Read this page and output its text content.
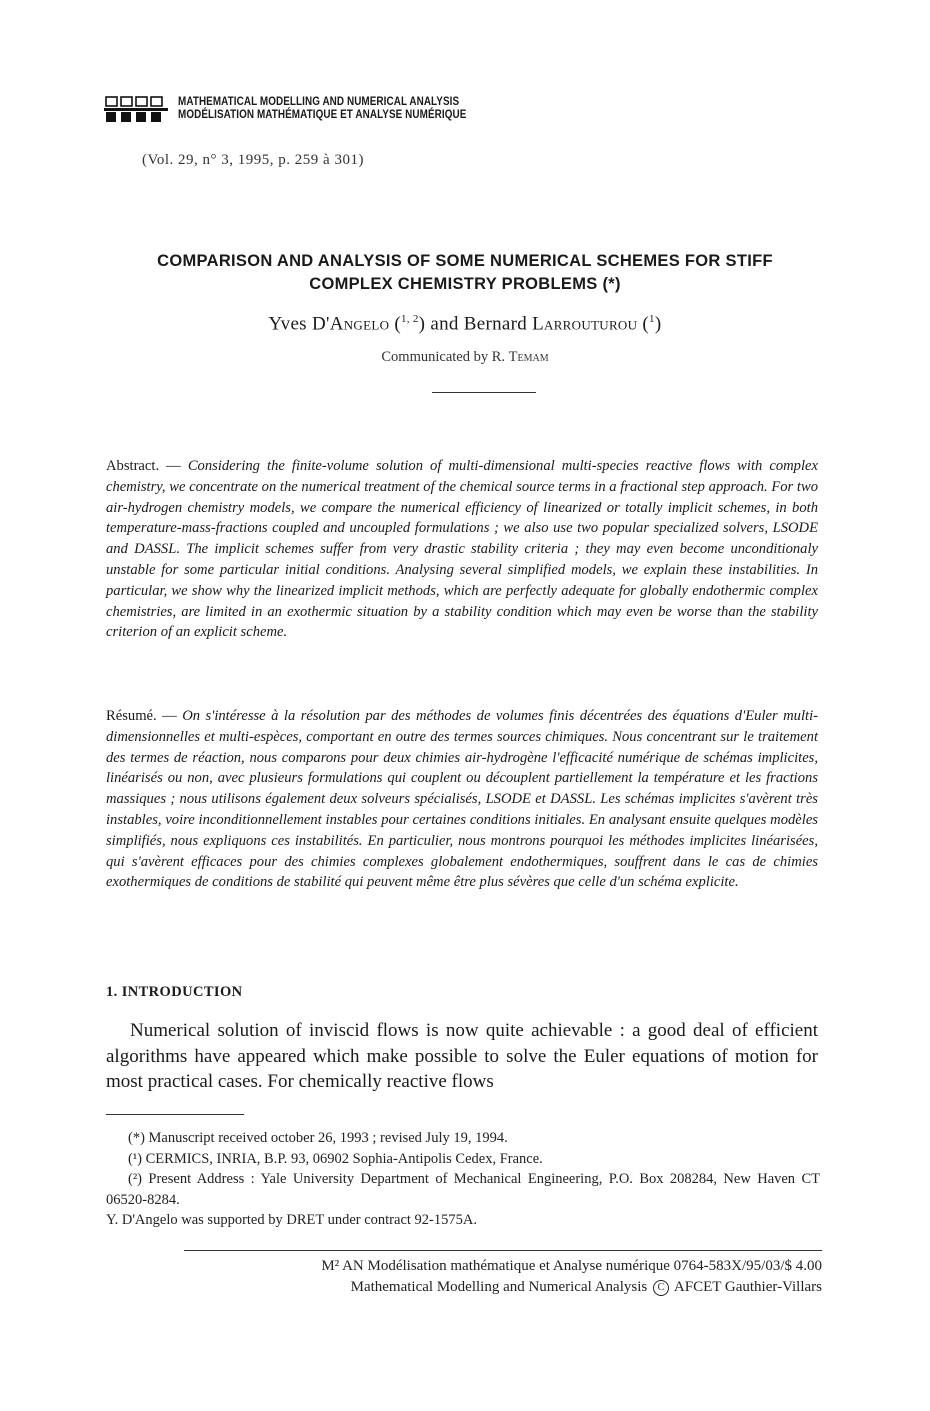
MATHEMATICAL MODELLING AND NUMERICAL ANALYSIS
MODÉLISATION MATHÉMATIQUE ET ANALYSE NUMÉRIQUE
(Vol. 29, n° 3, 1995, p. 259 à 301)
COMPARISON AND ANALYSIS OF SOME NUMERICAL SCHEMES FOR STIFF
COMPLEX CHEMISTRY PROBLEMS (*)
Yves D'Angelo ($^{1, 2}$) and Bernard Larrouturou ($^1$)
Communicated by R. Temam
Abstract. — Considering the finite-volume solution of multi-dimensional multi-species reactive flows with complex chemistry, we concentrate on the numerical treatment of the chemical source terms in a fractional step approach. For two air-hydrogen chemistry models, we compare the numerical efficiency of linearized or totally implicit schemes, in both temperature-mass-fractions coupled and uncoupled formulations ; we also use two popular specialized solvers, LSODE and DASSL. The implicit schemes suffer from very drastic stability criteria ; they may even become unconditionaly unstable for some particular initial conditions. Analysing several simplified models, we explain these instabilities. In particular, we show why the linearized implicit methods, which are perfectly adequate for globally endothermic complex chemistries, are limited in an exothermic situation by a stability condition which may even be worse than the stability criterion of an explicit scheme.
Résumé. — On s'intéresse à la résolution par des méthodes de volumes finis décentrées des équations d'Euler multi-dimensionnelles et multi-espèces, comportant en outre des termes sources chimiques. Nous concentrant sur le traitement des termes de réaction, nous comparons pour deux chimies air-hydrogène l'efficacité numérique de schémas implicites, linéarisés ou non, avec plusieurs formulations qui couplent ou découplent partiellement la température et les fractions massiques ; nous utilisons également deux solveurs spécialisés, LSODE et DASSL. Les schémas implicites s'avèrent très instables, voire inconditionnellement instables pour certaines conditions initiales. En analysant ensuite quelques modèles simplifiés, nous expliquons ces instabilités. En particulier, nous montrons pourquoi les méthodes implicites linéarisées, qui s'avèrent efficaces pour des chimies complexes globalement endothermiques, souffrent dans le cas de chimies exothermiques de conditions de stabilité qui peuvent même être plus sévères que celle d'un schéma explicite.
1. INTRODUCTION
Numerical solution of inviscid flows is now quite achievable : a good deal of efficient algorithms have appeared which make possible to solve the Euler equations of motion for most practical cases. For chemically reactive flows

(*) Manuscript received october 26, 1993 ; revised July 19, 1994.

(¹) CERMICS, INRIA, B.P. 93, 06902 Sophia-Antipolis Cedex, France.

(²) Present Address : Yale University Department of Mechanical Engineering, P.O. Box 208284, New Haven CT 06520-8284.

Y. D'Angelo was supported by DRET under contract 92-1575A.

M² AN Modélisation mathématique et Analyse numérique 0764-583X/95/03/$ 4.00

Mathematical Modelling and Numerical Analysis C AFCET Gauthier-Villars
